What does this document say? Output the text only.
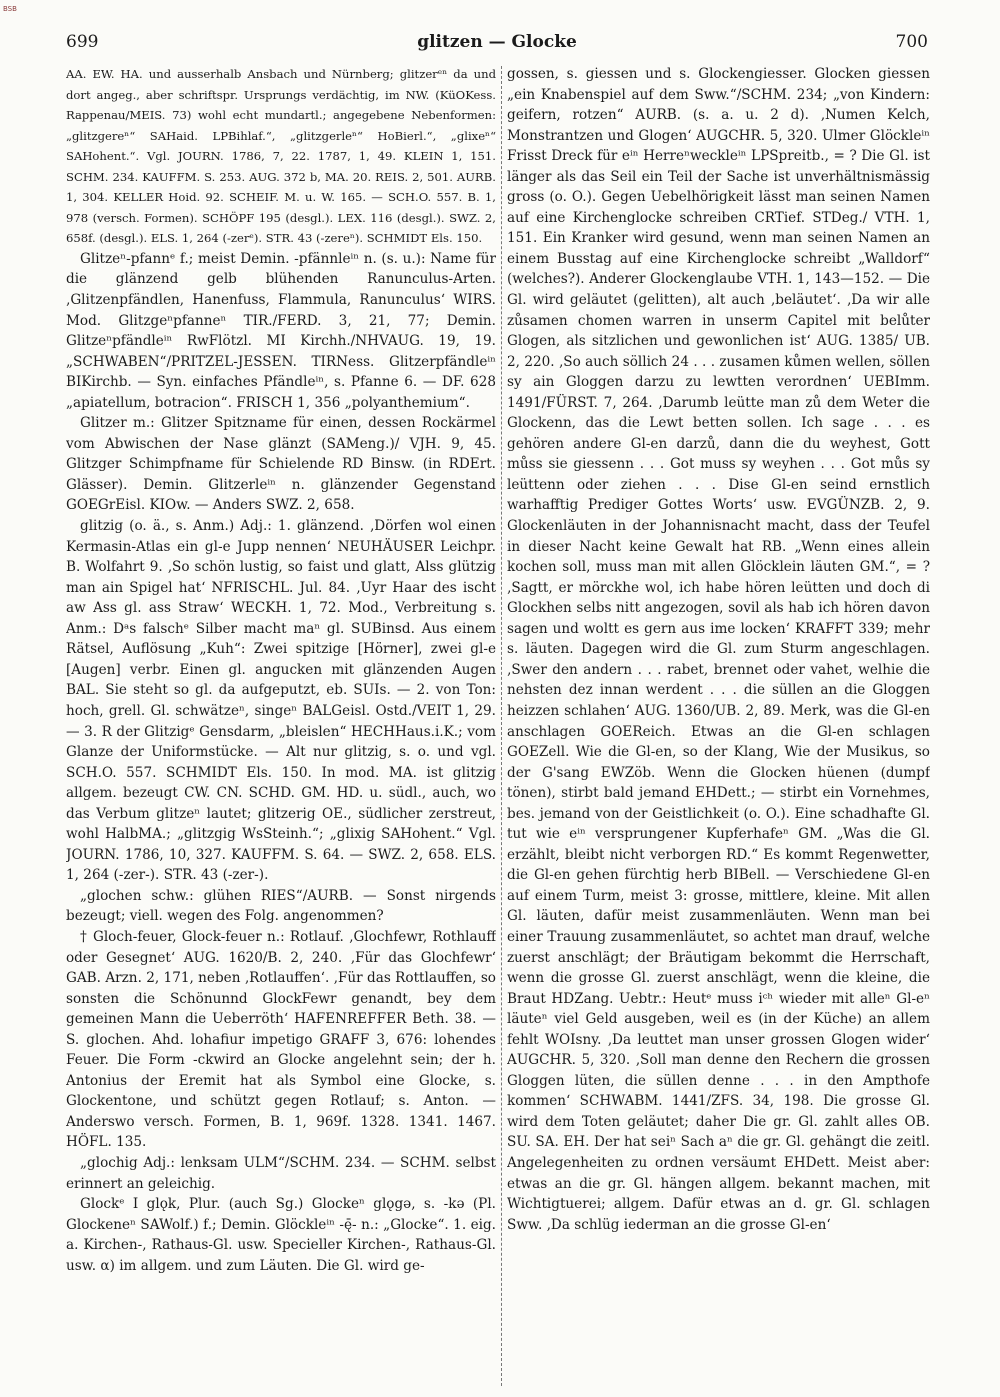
BSB
699	glitzen — Glocke	700

AA. EW. HA. und ausserhalb Ansbach und Nürnberg; glitzerᵉⁿ da und dort angeg., aber schriftspr. Ursprungs verdächtig, im NW. (KüOKess. Rappenau/MEIS. 73) wohl echt mundartl.; angegebene Nebenformen: „glitzgereⁿ“ SAHaid. LPBihlaf.“, „glitzgerleⁿ“ HoBierl.“, „glixeⁿ“ SAHohent.“. Vgl. JOURN. 1786, 7, 22. 1787, 1, 49. KLEIN 1, 151. SCHM. 234. KAUFFM. S. 253. AUG. 372 b, MA. 20. REIS. 2, 501. AURB. 1, 304. KELLER Hoid. 92. SCHEIF. M. u. W. 165. — SCH.O. 557. B. 1, 978 (versch. Formen). SCHÖPF 195 (desgl.). LEX. 116 (desgl.). SWZ. 2, 658f. (desgl.). ELS. 1, 264 (-zerᵉ). STR. 43 (-zereⁿ). SCHMIDT Els. 150.

Glitzeⁿ-pfannᵉ f.; meist Demin. -pfännleⁱⁿ n. (s. u.): Name für die glänzend gelb blühenden Ranunculus-Arten. ‚Glitzenpfändlen, Hanenfuss, Flammula, Ranunculus‘ WIRS. Mod. Glitzgeⁿpfanneⁿ TIR./FERD. 3, 21, 77; Demin. Glitzeⁿpfändleⁱⁿ RwFlötzl. MI Kirchh./NHVAUG. 19, 19. „SCHWABEN“/PRITZEL-JESSEN. TIRNess. Glitzerpfändleⁱⁿ BIKirchb. — Syn. einfaches Pfändleⁱⁿ, s. Pfanne 6. — DF. 628 „apiatellum, botracion“. FRISCH 1, 356 „polyanthemium“.

Glitzer m.: Glitzer Spitzname für einen, dessen Rockärmel vom Abwischen der Nase glänzt (SAMeng.)/ VJH. 9, 45. Glitzger Schimpfname für Schielende RD Binsw. (in RDErt. Glässer). Demin. Glitzerleⁱⁿ n. glänzender Gegenstand GOEGrEisl. KIOw. — Anders SWZ. 2, 658.

glitzig (o. ä., s. Anm.) Adj.: 1. glänzend. ‚Dörfen wol einen Kermasin-Atlas ein gl-e Jupp nennen‘ NEUHÄUSER Leichpr. B. Wolfahrt 9. ‚So schön lustig, so faist und glatt, Alss glützig man ain Spigel hat‘ NFRISCHL. Jul. 84. ‚Uyr Haar des ischt aw Ass gl. ass Straw‘ WECKH. 1, 72. Mod., Verbreitung s. Anm.: Dᵃs falschᵉ Silber macht maⁿ gl. SUBinsd. Aus einem Rätsel, Auflösung „Kuh“: Zwei spitzige [Hörner], zwei gl-e [Augen] verbr. Einen gl. angucken mit glänzenden Augen BAL. Sie steht so gl. da aufgeputzt, eb. SUIs. — 2. von Ton: hoch, grell. Gl. schwätzeⁿ, singeⁿ BALGeisl. Ostd./VEIT 1, 29. — 3. R der Glitzigᵉ Gensdarm, „bleislen“ HECHHaus.i.K.; vom Glanze der Uniformstücke. — Alt nur glitzig, s. o. und vgl. SCH.O. 557. SCHMIDT Els. 150. In mod. MA. ist glitzig allgem. bezeugt CW. CN. SCHD. GM. HD. u. südl., auch, wo das Verbum glitzeⁿ lautet; glitzerig OE., südlicher zerstreut, wohl HalbMA.; „glitzgig WsSteinh.“; „glixig SAHohent.“ Vgl. JOURN. 1786, 10, 327. KAUFFM. S. 64. — SWZ. 2, 658. ELS. 1, 264 (-zer-). STR. 43 (-zer-).

„glochen schw.: glühen RIES“/AURB. — Sonst nirgends bezeugt; viell. wegen des Folg. angenommen?

† Gloch-feuer, Glock-feuer n.: Rotlauf. ‚Glochfewr, Rothlauff oder Gesegnet‘ AUG. 1620/B. 2, 240. ‚Für das Glochfewr‘ GAB. Arzn. 2, 171, neben ‚Rotlauffen‘. ‚Für das Rottlauffen, so sonsten die Schönunnd GlockFewr genandt, bey dem gemeinen Mann die Ueberröth‘ HAFENREFFER Beth. 38. — S. glochen. Ahd. lohafiur impetigo GRAFF 3, 676: lohendes Feuer. Die Form -ckwird an Glocke angelehnt sein; der h. Antonius der Eremit hat als Symbol eine Glocke, s. Glockentone, und schützt gegen Rotlauf; s. Anton. — Anderswo versch. Formen, B. 1, 969f. 1328. 1341. 1467. HÖFL. 135.

„glochig Adj.: lenksam ULM“/SCHM. 234. — SCHM. selbst erinnert an geleichig.

Glockᵉ I glǫk, Plur. (auch Sg.) Glockeⁿ glǫgə, s. -kə (Pl. Glockeneⁿ SAWolf.) f.; Demin. Glöckleⁱⁿ -ę̄- n.: „Glocke“. 1. eig. a. Kirchen-, Rathaus-Gl. usw. Specieller Kirchen-, Rathaus-Gl. usw. α) im allgem. und zum Läuten. Die Gl. wird ge-

gossen, s. giessen und s. Glockengiesser. Glocken giessen „ein Knabenspiel auf dem Sww.“/SCHM. 234; „von Kindern: geifern, rotzen“ AURB. (s. a. u. 2 d). ‚Numen Kelch, Monstrantzen und Glogen‘ AUGCHR. 5, 320. Ulmer Glöckleⁱⁿ Frisst Dreck für eⁱⁿ Herreⁿweckleⁱⁿ LPSpreitb., = ? Die Gl. ist länger als das Seil ein Teil der Sache ist unverhältnismässig gross (o. O.). Gegen Uebelhörigkeit lässt man seinen Namen auf eine Kirchenglocke schreiben CRTief. STDeg./ VTH. 1, 151. Ein Kranker wird gesund, wenn man seinen Namen an einem Busstag auf eine Kirchenglocke schreibt „Walldorf“ (welches?). Anderer Glockenglaube VTH. 1, 143—152. — Die Gl. wird geläutet (gelitten), alt auch ‚beläutet‘. ‚Da wir alle zůsamen chomen warren in unserm Capitel mit belůter Glogen, als sitzlichen und gewonlichen ist‘ AUG. 1385/ UB. 2, 220. ‚So auch söllich 24 . . . zusamen kůmen wellen, söllen sy ain Gloggen darzu zu lewtten verordnen‘ UEBImm. 1491/FÜRST. 7, 264. ‚Darumb leütte man zů dem Weter die Glockenn, das die Lewt betten sollen. Ich sage . . . es gehören andere Gl-en darzů, dann die du weyhest, Gott můss sie giessenn . . . Got muss sy weyhen . . . Got můs sy leüttenn oder ziehen . . . Dise Gl-en seind ernstlich warhafftig Prediger Gottes Worts‘ usw. EVGÜNZB. 2, 9. Glockenläuten in der Johannisnacht macht, dass der Teufel in dieser Nacht keine Gewalt hat RB. „Wenn eines allein kochen soll, muss man mit allen Glöcklein läuten GM.“, = ? ‚Sagtt, er mörckhe wol, ich habe hören leütten und doch di Glockhen selbs nitt angezogen, sovil als hab ich hören davon sagen und woltt es gern aus ime locken‘ KRAFFT 339; mehr s. läuten. Dagegen wird die Gl. zum Sturm angeschlagen. ‚Swer den andern . . . rabet, brennet oder vahet, welhie die nehsten dez innan werdent . . . die süllen an die Gloggen heizzen schlahen‘ AUG. 1360/UB. 2, 89. Merk, was die Gl-en anschlagen GOEReich. Etwas an die Gl-en schlagen GOEZell. Wie die Gl-en, so der Klang, Wie der Musikus, so der G'sang EWZöb. Wenn die Glocken hüenen (dumpf tönen), stirbt bald jemand EHDett.; — stirbt ein Vornehmes, bes. jemand von der Geistlichkeit (o. O.). Eine schadhafte Gl. tut wie eⁱⁿ versprungener Kupferhafeⁿ GM. „Was die Gl. erzählt, bleibt nicht verborgen RD.“ Es kommt Regenwetter, die Gl-en gehen fürchtig herb BIBell. — Verschiedene Gl-en auf einem Turm, meist 3: grosse, mittlere, kleine. Mit allen Gl. läuten, dafür meist zusammenläuten. Wenn man bei einer Trauung zusammenläutet, so achtet man drauf, welche zuerst anschlägt; der Bräutigam bekommt die Herrschaft, wenn die grosse Gl. zuerst anschlägt, wenn die kleine, die Braut HDZang. Uebtr.: Heutᵉ muss iᶜʰ wieder mit alleⁿ Gl-eⁿ läuteⁿ viel Geld ausgeben, weil es (in der Küche) an allem fehlt WOIsny. ‚Da leuttet man unser grossen Glogen wider‘ AUGCHR. 5, 320. ‚Soll man denne den Rechern die grossen Gloggen lüten, die süllen denne . . . in den Ampthofe kommen‘ SCHWABM. 1441/ZFS. 34, 198. Die grosse Gl. wird dem Toten geläutet; daher Die gr. Gl. zahlt alles OB. SU. SA. EH. Der hat seiⁿ Sach aⁿ die gr. Gl. gehängt die zeitl. Angelegenheiten zu ordnen versäumt EHDett. Meist aber: etwas an die gr. Gl. hängen allgem. bekannt machen, mit Wichtigtuerei; allgem. Dafür etwas an d. gr. Gl. schlagen Sww. ‚Da schlüg iederman an die grosse Gl-en‘
